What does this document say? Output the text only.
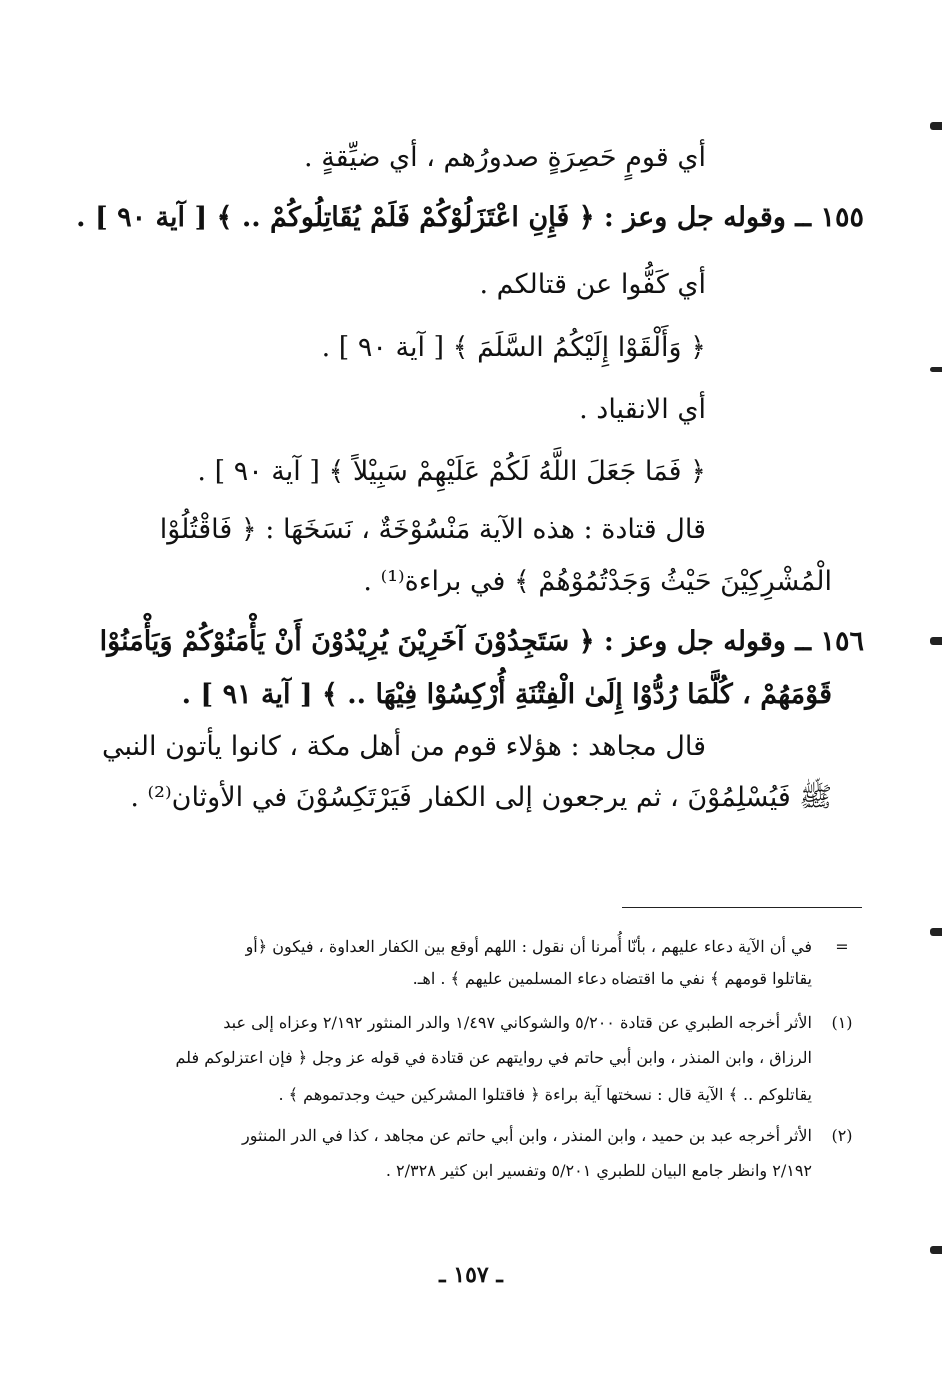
أي قومٍ حَصِرَةٍ صدورُهم ، أي ضيِّقةٍ .
١٥٥ ــ وقوله جل وعز : ﴿ فَإِنِ اعْتَزَلُوْكُمْ فَلَمْ يُقَاتِلُوكُمْ .. ﴾ [ آية ٩٠ ] .
أي كَفُّوا عن قتالكم .
﴿ وَأَلْقَوْا إِلَيْكُمُ السَّلَمَ ﴾ [ آية ٩٠ ] .
أي الانقياد .
﴿ فَمَا جَعَلَ اللَّهُ لَكُمْ عَلَيْهِمْ سَبِيْلاً ﴾ [ آية ٩٠ ] .
قال قتادة : هذه الآية مَنْسُوْخَةٌ ، نَسَخَهَا : ﴿ فَاقْتُلُوْا
الْمُشْرِكِيْنَ حَيْثُ وَجَدْتُمُوْهُمْ ﴾ في براءة⁽¹⁾ .
١٥٦ ــ وقوله جل وعز : ﴿ سَتَجِدُوْنَ آخَرِيْنَ يُرِيْدُوْنَ أَنْ يَأْمَنُوْكُمْ وَيَأْمَنُوْا
قَوْمَهُمْ ، كُلَّمَا رُدُّوْا إِلَىٰ الْفِتْنَةِ أُرْكِسُوْا فِيْهَا .. ﴾ [ آية ٩١ ] .
قال مجاهد : هؤلاء قوم من أهل مكة ، كانوا يأتون النبي
ﷺ فَيُسْلِمُوْنَ ، ثم يرجعون إلى الكفار فَيَرْتَكِسُوْنَ في الأوثان⁽²⁾ .
=
في أن الآية دعاء عليهم ، بأنّا أُمرنا أن نقول : اللهم أوقع بين الكفار العداوة ، فيكون ﴿أو
يقاتلوا قومهم ﴾ نفي ما اقتضاه دعاء المسلمين عليهم ﴾ . اهـ.
(١)
الأثر أخرجه الطبري عن قتادة ٥/٢٠٠ والشوكاني ١/٤٩٧ والدر المنثور ٢/١٩٢ وعزاه إلى عبد
الرزاق ، وابن المنذر ، وابن أبي حاتم في روايتهم عن قتادة في قوله عز وجل ﴿ فإن اعتزلوكم فلم
يقاتلوكم .. ﴾ الآية قال : نسختها آية براءة ﴿ فاقتلوا المشركين حيث وجدتموهم ﴾ .
(٢)
الأثر أخرجه عبد بن حميد ، وابن المنذر ، وابن أبي حاتم عن مجاهد ، كذا في الدر المنثور
٢/١٩٢ وانظر جامع البيان للطبري ٥/٢٠١ وتفسير ابن كثير ٢/٣٢٨ .
ـ ١٥٧ ـ
